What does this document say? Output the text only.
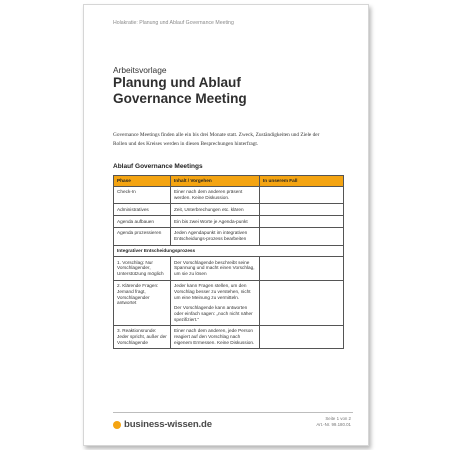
Holakratie: Planung und Ablauf Governance Meeting
Arbeitsvorlage
Planung und Ablauf
Governance Meeting
Governance Meetings finden alle ein bis drei Monate statt. Zweck, Zuständigkeiten und Ziele der Rollen und des Kreises werden in diesen Besprechungen hinterfragt.
Ablauf Governance Meetings
Phase	Inhalt / Vorgehen	In unserem Fall
Check-In	Einer nach dem anderen präsent werden. Keine Diskussion.	

Administratives	Zeit, Unterbrechungen etc. klären	

Agenda aufbauen	Ein bis zwei Worte je Agenda-punkt	

Agenda prozessieren	Jeden Agendapunkt im integrativen Entscheidungs-prozess bearbeiten	

Integrativer Entscheidungsprozess		
1. Vorschlag: Nur Vorschlagender, Unterstützung möglich	Der Vorschlagende beschreibt seine Spannung und macht einen Vorschlag, um sie zu lösen	

2. Klärende Fragen: Jemand fragt, Vorschlagender antwortet	Jeder kann Fragen stellen, um den Vorschlag besser zu verstehen, nicht um eine Meinung zu vermitteln.
Der Vorschlagende kann antworten oder einfach sagen: „noch nicht näher spezifiziert.“	

3. Reaktionsrunde: Jeder spricht, außer der Vorschlagende	Einer nach dem anderen, jede Person reagiert auf den Vorschlag nach eigenem Ermessen. Keine Diskussion.	

business-wissen.de
Seite 1 von 2
Art.-Nr. 99.180.01
